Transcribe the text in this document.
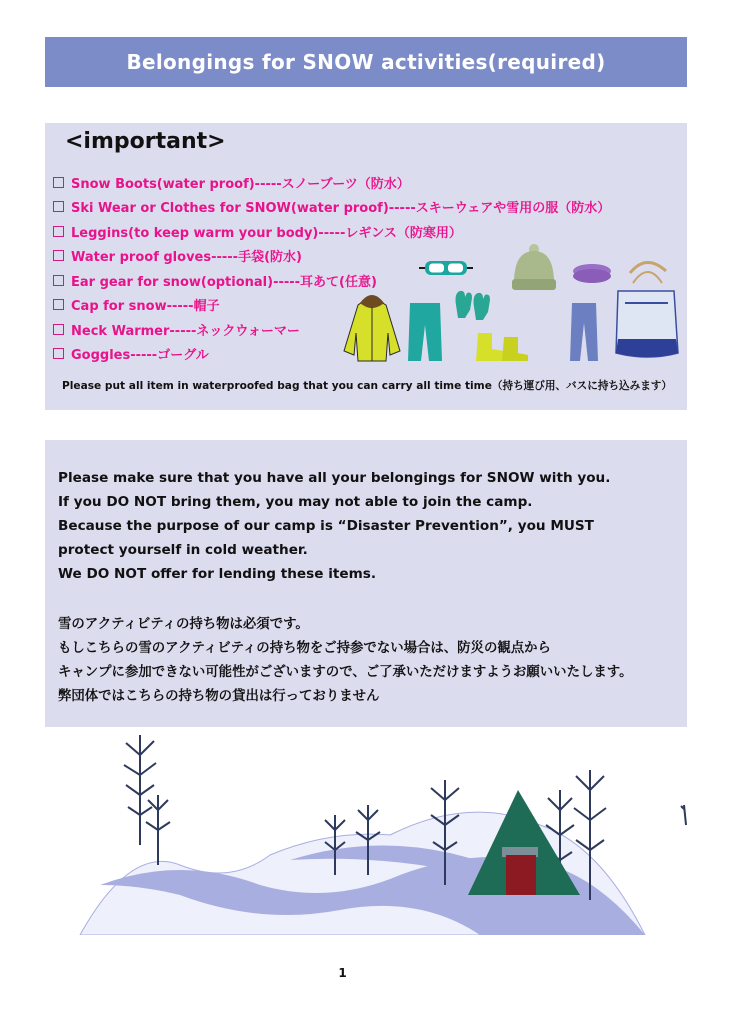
Belongings for SNOW activities(required)
<important>
Snow Boots(water proof)-----スノーブーツ（防水）
Ski Wear or Clothes for SNOW(water proof)-----スキーウェアや雪用の服（防水）
Leggins(to keep warm your body)-----レギンス（防寒用）
Water proof gloves-----手袋(防水)
Ear gear for snow(optional)-----耳あて(任意)
Cap for snow-----帽子
Neck Warmer-----ネックウォーマー
Goggles-----ゴーグル
Please put all item in waterproofed bag that you can carry all time time（持ち運び用、バスに持ち込みます）

Please make sure that you have all your belongings for SNOW with you.

If you DO NOT bring them, you may not able to join the camp.

Because the purpose of our camp is “Disaster Prevention”, you MUST

protect yourself in cold weather.

We DO NOT offer for lending these items.

雪のアクティビティの持ち物は必須です。

もしこちらの雪のアクティビティの持ち物をご持参でない場合は、防災の観点から

キャンプに参加できない可能性がございますので、ご了承いただけますようお願いいたします。

弊団体ではこちらの持ち物の貸出は行っておりません

1
